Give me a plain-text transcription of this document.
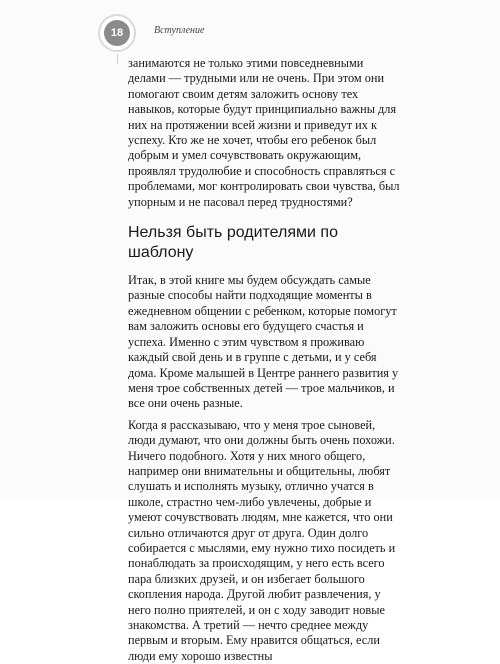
18	Вступление

занимаются не только этими повседневными делами — трудными или не очень. При этом они помогают своим детям заложить основу тех навыков, которые будут принципиально важны для них на протяжении всей жизни и приведут их к успеху. Кто же не хочет, чтобы его ребенок был добрым и умел сочувствовать окружающим, проявлял трудолюбие и способность справляться с проблемами, мог контролировать свои чувства, был упорным и не пасовал перед трудностями?

Нельзя быть родителями по шаблону

Итак, в этой книге мы будем обсуждать самые разные способы найти подходящие моменты в ежедневном общении с ребенком, которые помогут вам заложить основы его будущего счастья и успеха. Именно с этим чувством я проживаю каждый свой день и в группе с детьми, и у себя дома. Кроме малышей в Центре раннего развития у меня трое собственных детей — трое мальчиков, и все они очень разные.

Когда я рассказываю, что у меня трое сыновей, люди думают, что они должны быть очень похожи. Ничего подобного. Хотя у них много общего, например они внимательны и общительны, любят слушать и исполнять музыку, отлично учатся в школе, страстно чем-либо увлечены, добрые и умеют сочувствовать людям, мне кажется, что они сильно отличаются друг от друга. Один долго собирается с мыслями, ему нужно тихо посидеть и понаблюдать за происходящим, у него есть всего пара близких друзей, и он избегает большого скопления народа. Другой любит развлечения, у него полно приятелей, и он с ходу заводит новые знакомства. А третий — нечто среднее между первым и вторым. Ему нравится общаться, если люди ему хорошо известны
